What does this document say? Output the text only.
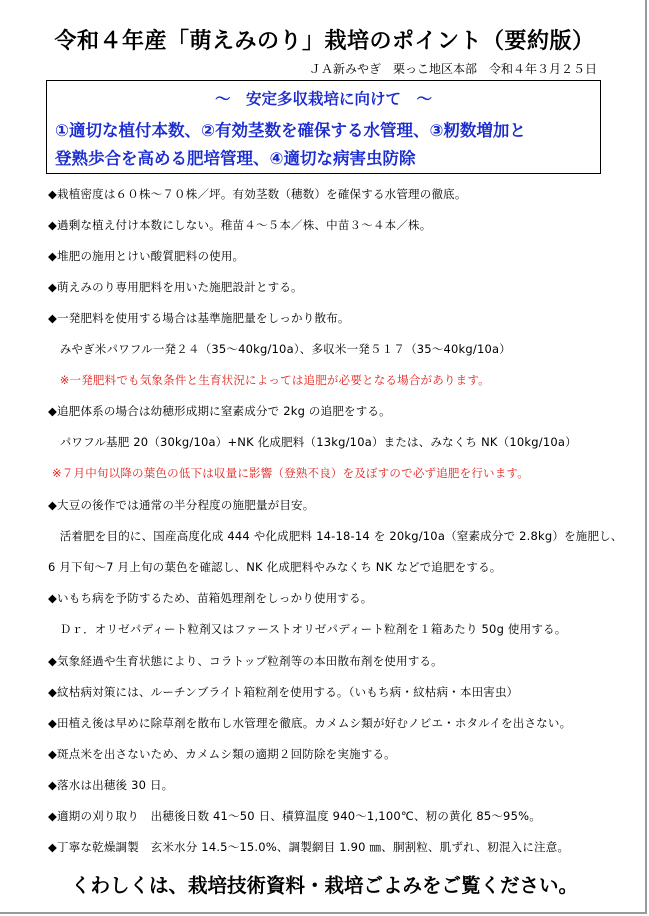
令和４年産「萌えみのり」栽培のポイント（要約版）
ＪＡ新みやぎ　栗っこ地区本部　令和４年３月２５日
～　安定多収栽培に向けて　～
①適切な植付本数、②有効茎数を確保する水管理、③籾数増加と
登熟歩合を高める肥培管理、④適切な病害虫防除
◆栽植密度は６０株～７０株／坪。有効茎数（穂数）を確保する水管理の徹底。
◆過剰な植え付け本数にしない。稚苗４～５本／株、中苗３～４本／株。
◆堆肥の施用とけい酸質肥料の使用。
◆萌えみのり専用肥料を用いた施肥設計とする。
◆一発肥料を使用する場合は基準施肥量をしっかり散布。
　みやぎ米パワフル一発２４（35～40kg/10a）、多収米一発５１７（35～40kg/10a）
　※一発肥料でも気象条件と生育状況によっては追肥が必要となる場合があります。
◆追肥体系の場合は幼穂形成期に窒素成分で 2kg の追肥をする。
　パワフル基肥 20（30kg/10a）+NK 化成肥料（13kg/10a）または、みなくち NK（10kg/10a）
※７月中旬以降の葉色の低下は収量に影響（登熟不良）を及ぼすので必ず追肥を行います。
◆大豆の後作では通常の半分程度の施肥量が目安。
　活着肥を目的に、国産高度化成 444 や化成肥料 14-18-14 を 20kg/10a（窒素成分で 2.8kg）を施肥し、
6 月下旬～7 月上旬の葉色を確認し、NK 化成肥料やみなくち NK などで追肥をする。
◆いもち病を予防するため、苗箱処理剤をしっかり使用する。
　Ｄｒ．オリゼパディート粒剤又はファーストオリゼパディート粒剤を１箱あたり 50g 使用する。
◆気象経過や生育状態により、コラトップ粒剤等の本田散布剤を使用する。
◆紋枯病対策には、ルーチンブライト箱粒剤を使用する。（いもち病・紋枯病・本田害虫）
◆田植え後は早めに除草剤を散布し水管理を徹底。カメムシ類が好むノビエ・ホタルイを出さない。
◆斑点米を出さないため、カメムシ類の適期２回防除を実施する。
◆落水は出穂後 30 日。
◆適期の刈り取り　出穂後日数 41～50 日、積算温度 940～1,100℃、籾の黄化 85～95%。
◆丁寧な乾燥調製　玄米水分 14.5～15.0%、調製網目 1.90 ㎜、胴割粒、肌ずれ、籾混入に注意。
くわしくは、栽培技術資料・栽培ごよみをご覧ください。
